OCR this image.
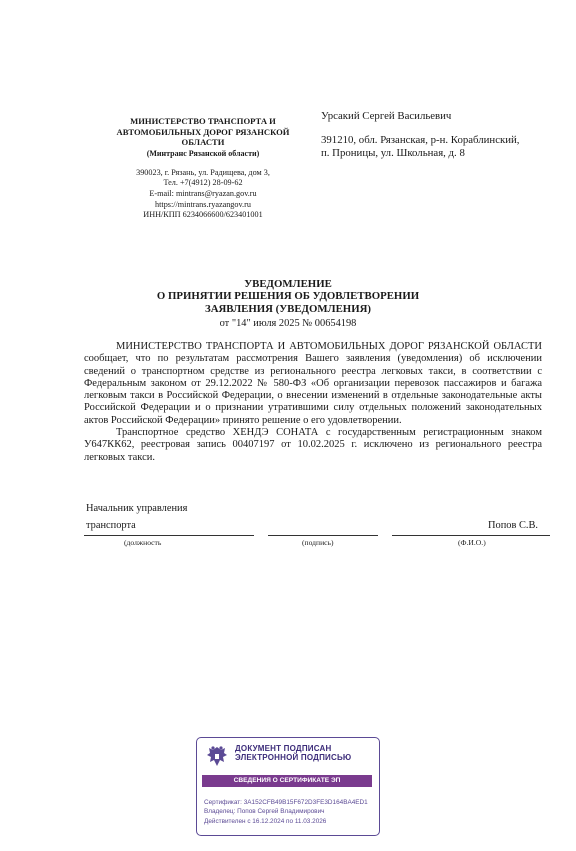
МИНИСТЕРСТВО ТРАНСПОРТА И
АВТОМОБИЛЬНЫХ ДОРОГ РЯЗАНСКОЙ
ОБЛАСТИ
(Минтранс Рязанской области)
390023, г. Рязань, ул. Радищева, дом 3,
Тел. +7(4912) 28-09-62
E-mail: mintrans@ryazan.gov.ru
https://mintrans.ryazangov.ru
ИНН/КПП 6234066600/623401001
Урсакий Сергей Васильевич
391210, обл. Рязанская, р-н. Кораблинский,
п. Проницы, ул. Школьная, д. 8
УВЕДОМЛЕНИЕ
О ПРИНЯТИИ РЕШЕНИЯ ОБ УДОВЛЕТВОРЕНИИ
ЗАЯВЛЕНИЯ (УВЕДОМЛЕНИЯ)
от "14" июля 2025 № 00654198

МИНИСТЕРСТВО ТРАНСПОРТА И АВТОМОБИЛЬНЫХ ДОРОГ РЯЗАНСКОЙ ОБЛАСТИ сообщает, что по результатам рассмотрения Вашего заявления (уведомления) об исключении сведений о транспортном средстве из регионального реестра легковых такси, в соответствии с Федеральным законом от 29.12.2022 № 580-ФЗ «Об организации перевозок пассажиров и багажа легковым такси в Российской Федерации, о внесении изменений в отдельные законодательные акты Российской Федерации и о признании утратившими силу отдельных положений законодательных актов Российской Федерации» принято решение о его удовлетворении.

Транспортное средство ХЕНДЭ СОНАТА с государственным регистрационным знаком У647КК62, реестровая запись 00407197 от 10.02.2025 г. исключено из регионального реестра легковых такси.

Начальник управления
транспорта	Попов С.В.
(должность	(подпись)	(Ф.И.О.)
ДОКУМЕНТ ПОДПИСАН
ЭЛЕКТРОННОЙ ПОДПИСЬЮ
СВЕДЕНИЯ О СЕРТИФИКАТЕ ЭП
Сертификат: 3А152CFB49B15F672D3FE3D164BA4ED1
Владелец: Попов Сергей Владимирович
Действителен с 16.12.2024 по 11.03.2026
